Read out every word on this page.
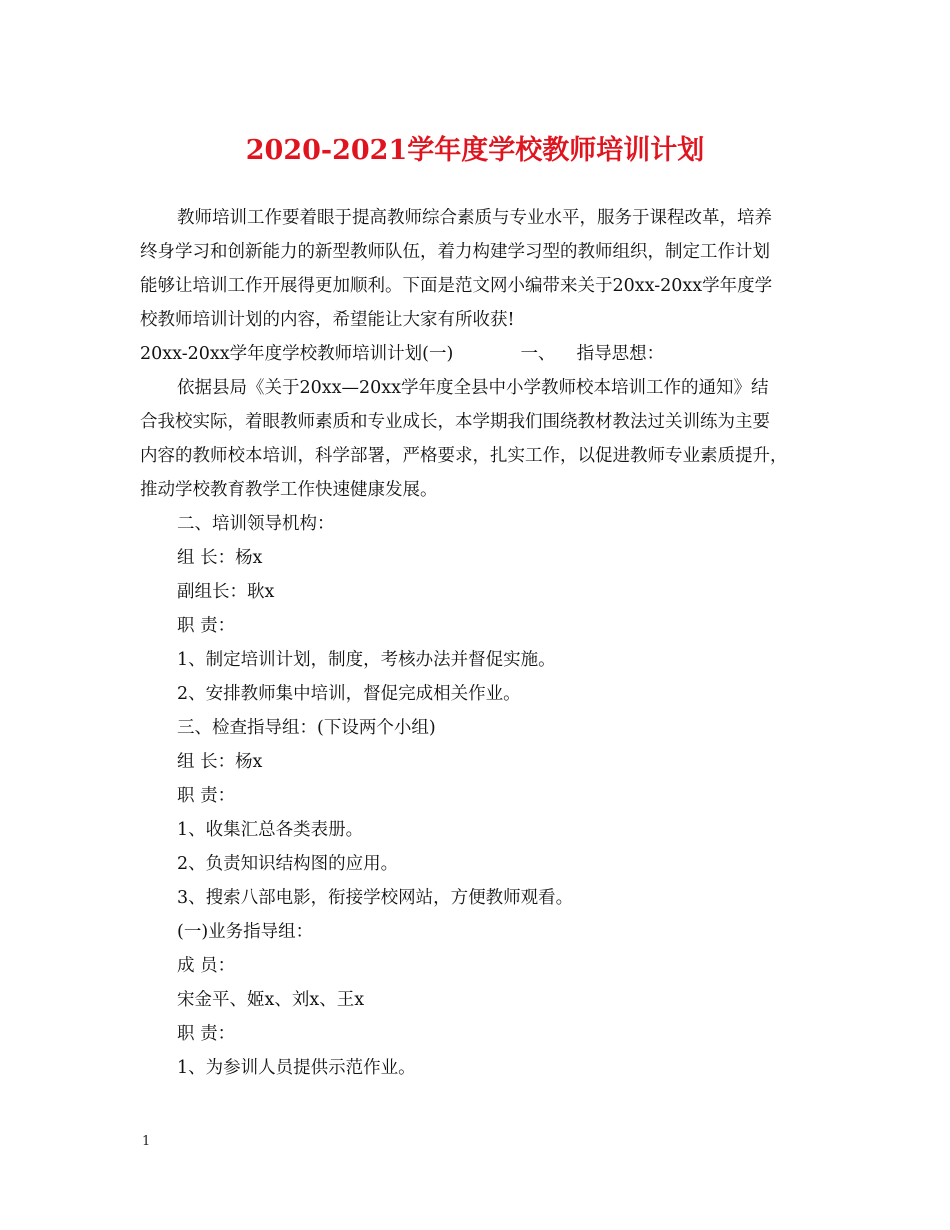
2020-2021学年度学校教师培训计划
教师培训工作要着眼于提高教师综合素质与专业水平，服务于课程改革，培养
终身学习和创新能力的新型教师队伍，着力构建学习型的教师组织，制定工作计划
能够让培训工作开展得更加顺利。下面是范文网小编带来关于20xx-20xx学年度学
校教师培训计划的内容，希望能让大家有所收获!
20xx-20xx学年度学校教师培训计划(一)	一、 指导思想：
依据县局《关于20xx—20xx学年度全县中小学教师校本培训工作的通知》结
合我校实际，着眼教师素质和专业成长，本学期我们围绕教材教法过关训练为主要
内容的教师校本培训，科学部署，严格要求，扎实工作，以促进教师专业素质提升，
推动学校教育教学工作快速健康发展。
二、培训领导机构：
组 长：杨x
副组长：耿x
职 责：
1、制定培训计划，制度，考核办法并督促实施。
2、安排教师集中培训，督促完成相关作业。
三、检查指导组：(下设两个小组)
组 长：杨x
职 责：
1、收集汇总各类表册。
2、负责知识结构图的应用。
3、搜索八部电影，衔接学校网站，方便教师观看。
(一)业务指导组：
成 员：
宋金平、姬x、刘x、王x
职 责：
1、为参训人员提供示范作业。
1
